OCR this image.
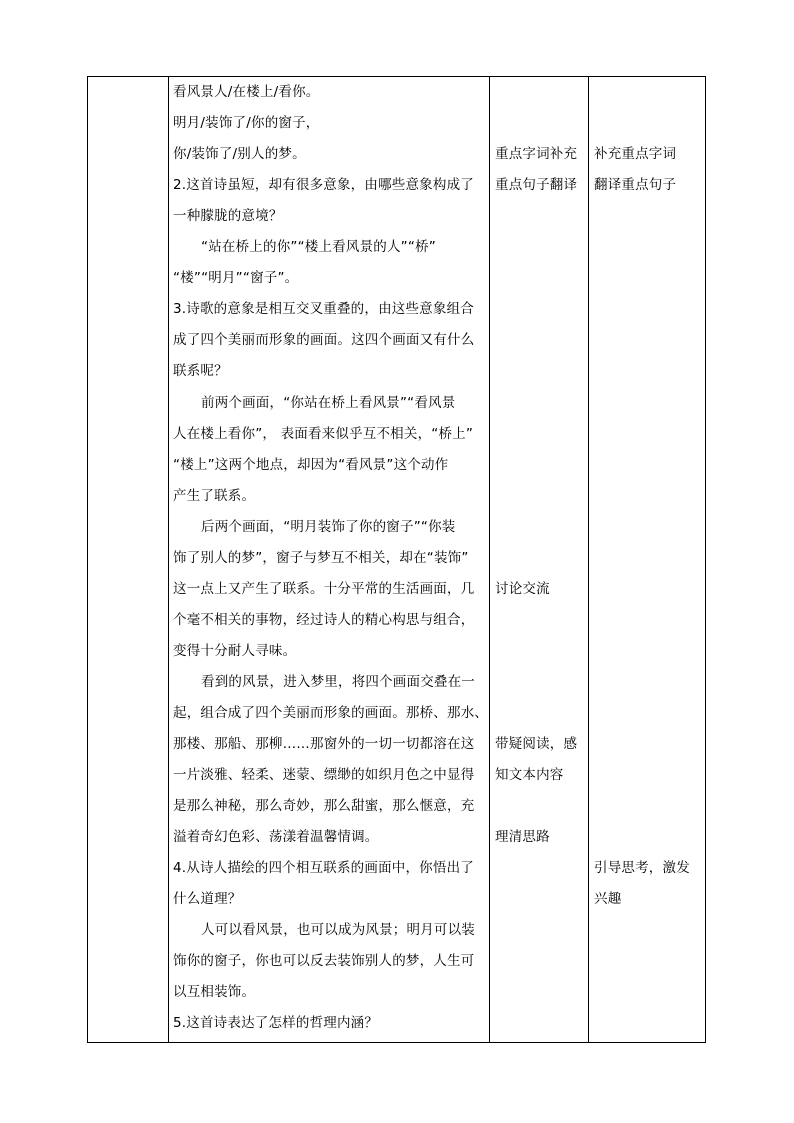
看风景人/在楼上/看你。
明月/装饰了/你的窗子，
你/装饰了/别人的梦。
2.这首诗虽短，却有很多意象，由哪些意象构成了
一种朦胧的意境？
“站在桥上的你”“楼上看风景的人”“桥”
“楼”“明月”“窗子”。
3.诗歌的意象是相互交叉重叠的，由这些意象组合
成了四个美丽而形象的画面。这四个画面又有什么
联系呢？
前两个画面，“你站在桥上看风景”“看风景
人在楼上看你”， 表面看来似乎互不相关，“桥上”
“楼上”这两个地点，却因为“看风景”这个动作
产生了联系。
后两个画面，“明月装饰了你的窗子”“你装
饰了别人的梦”，窗子与梦互不相关，却在“装饰”
这一点上又产生了联系。十分平常的生活画面，几
个毫不相关的事物，经过诗人的精心构思与组合，
变得十分耐人寻味。
看到的风景，进入梦里，将四个画面交叠在一
起，组合成了四个美丽而形象的画面。那桥、那水、
那楼、那船、那柳……那窗外的一切一切都溶在这
一片淡雅、轻柔、迷蒙、缥缈的如织月色之中显得
是那么神秘，那么奇妙，那么甜蜜，那么惬意，充
溢着奇幻色彩、荡漾着温馨情调。
4.从诗人描绘的四个相互联系的画面中，你悟出了
什么道理？
人可以看风景，也可以成为风景；明月可以装
饰你的窗子，你也可以反去装饰别人的梦，人生可
以互相装饰。
5.这首诗表达了怎样的哲理内涵？
重点字词补充
重点句子翻译
讨论交流
带疑阅读，感
知文本内容
理清思路
补充重点字词
翻译重点句子
引导思考，激发
兴趣
